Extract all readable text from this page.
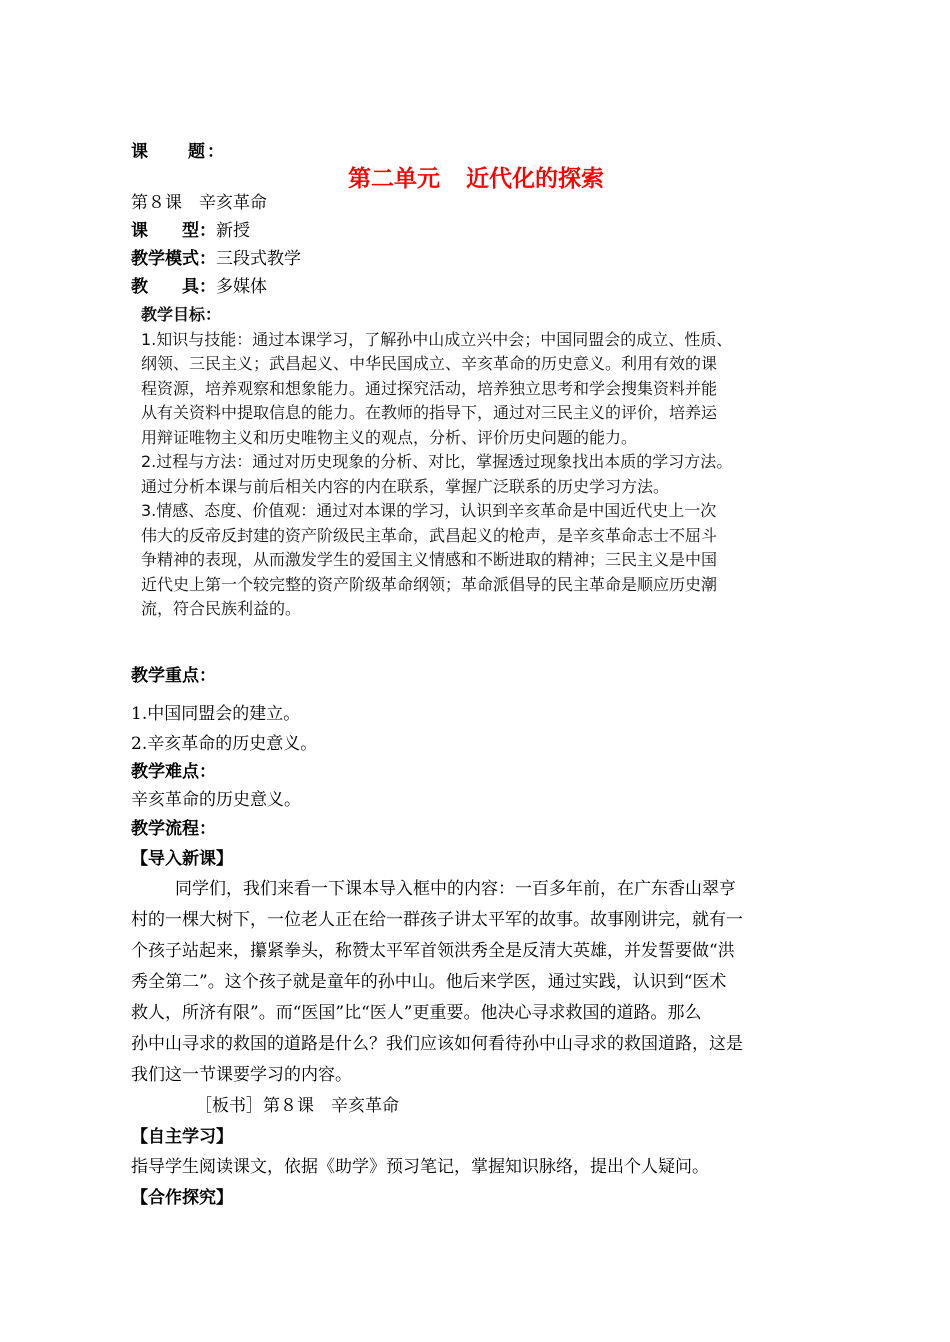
课　　题：
第二单元 近代化的探索
第８课　辛亥革命
课　　型：新授
教学模式：三段式教学
教　　具：多媒体

教学目标：

1.知识与技能：通过本课学习，了解孙中山成立兴中会；中国同盟会的成立、性质、

纲领、三民主义；武昌起义、中华民国成立、辛亥革命的历史意义。利用有效的课

程资源，培养观察和想象能力。通过探究活动，培养独立思考和学会搜集资料并能

从有关资料中提取信息的能力。在教师的指导下，通过对三民主义的评价，培养运

用辩证唯物主义和历史唯物主义的观点，分析、评价历史问题的能力。

2.过程与方法：通过对历史现象的分析、对比，掌握透过现象找出本质的学习方法。

通过分析本课与前后相关内容的内在联系，掌握广泛联系的历史学习方法。

3.情感、态度、价值观：通过对本课的学习，认识到辛亥革命是中国近代史上一次

伟大的反帝反封建的资产阶级民主革命，武昌起义的枪声，是辛亥革命志士不屈斗

争精神的表现，从而激发学生的爱国主义情感和不断进取的精神；三民主义是中国

近代史上第一个较完整的资产阶级革命纲领；革命派倡导的民主革命是顺应历史潮

流，符合民族利益的。

教学重点：

1.中国同盟会的建立。

2.辛亥革命的历史意义。

教学难点：

辛亥革命的历史意义。

教学流程：

【导入新课】

同学们，我们来看一下课本导入框中的内容：一百多年前，在广东香山翠亨

村的一棵大树下，一位老人正在给一群孩子讲太平军的故事。故事刚讲完，就有一

个孩子站起来，攥紧拳头，称赞太平军首领洪秀全是反清大英雄，并发誓要做“洪

秀全第二”。这个孩子就是童年的孙中山。他后来学医，通过实践，认识到“医术

救人，所济有限”。而“医国”比“医人”更重要。他决心寻求救国的道路。那么

孙中山寻求的救国的道路是什么？我们应该如何看待孙中山寻求的救国道路，这是

我们这一节课要学习的内容。

［板书］第８课　辛亥革命

【自主学习】

指导学生阅读课文，依据《助学》预习笔记，掌握知识脉络，提出个人疑问。

【合作探究】
